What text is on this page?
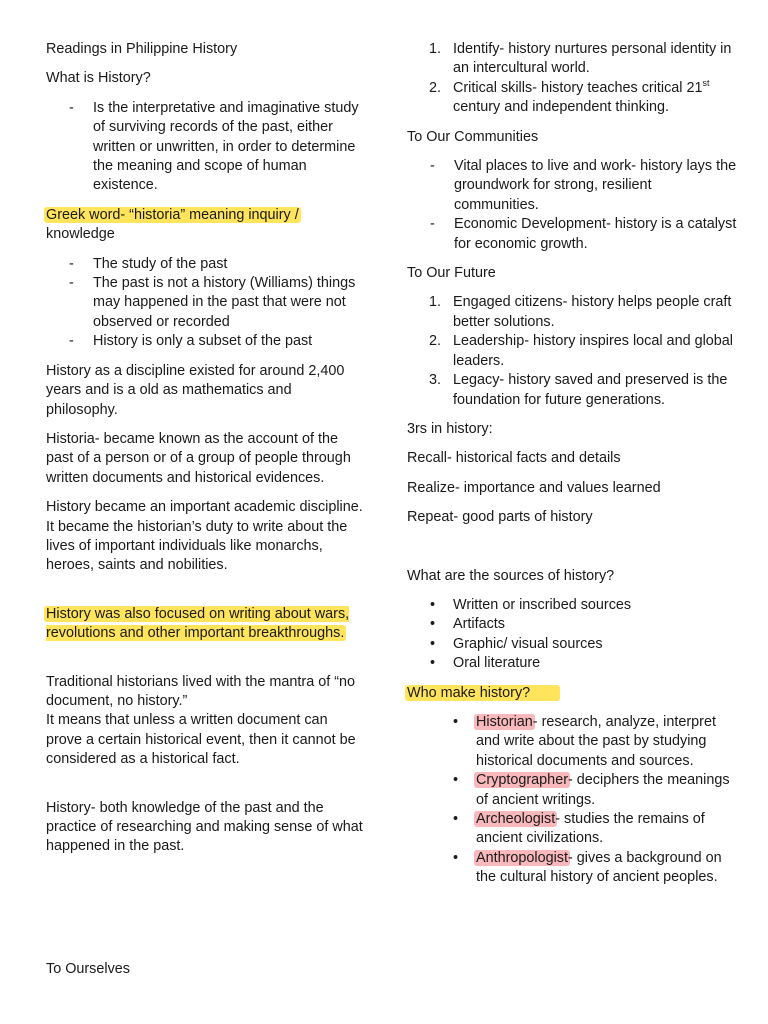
Readings in Philippine History

What is History?

- Is the interpretative and imaginative study of surviving records of the past, either written or unwritten, in order to determine the meaning and scope of human existence.

Greek word- “historia” meaning inquiry /
knowledge

- The study of the past
- The past is not a history (Williams) things may happened in the past that were not observed or recorded
- History is only a subset of the past

History as a discipline existed for around 2,400 years and is a old as mathematics and philosophy.

Historia- became known as the account of the past of a person or of a group of people through written documents and historical evidences.

History became an important academic discipline. It became the historian’s duty to write about the lives of important individuals like monarchs, heroes, saints and nobilities.

History was also focused on writing about wars, revolutions and other important breakthroughs.

Traditional historians lived with the mantra of “no document, no history.”
It means that unless a written document can prove a certain historical event, then it cannot be considered as a historical fact.

History- both knowledge of the past and the practice of researching and making sense of what happened in the past.

To Ourselves

1. Identify- history nurtures personal identity in an intercultural world.
2. Critical skills- history teaches critical 21st century and independent thinking.

To Our Communities

- Vital places to live and work- history lays the groundwork for strong, resilient communities.
- Economic Development- history is a catalyst for economic growth.

To Our Future

1. Engaged citizens- history helps people craft better solutions.
2. Leadership- history inspires local and global leaders.
3. Legacy- history saved and preserved is the foundation for future generations.

3rs in history:

Recall- historical facts and details

Realize- importance and values learned

Repeat- good parts of history

What are the sources of history?

• Written or inscribed sources
• Artifacts
• Graphic/ visual sources
• Oral literature

Who make history?

• Historian- research, analyze, interpret and write about the past by studying historical documents and sources.
• Cryptographer- deciphers the meanings of ancient writings.
• Archeologist- studies the remains of ancient civilizations.
• Anthropologist- gives a background on the cultural history of ancient peoples.
